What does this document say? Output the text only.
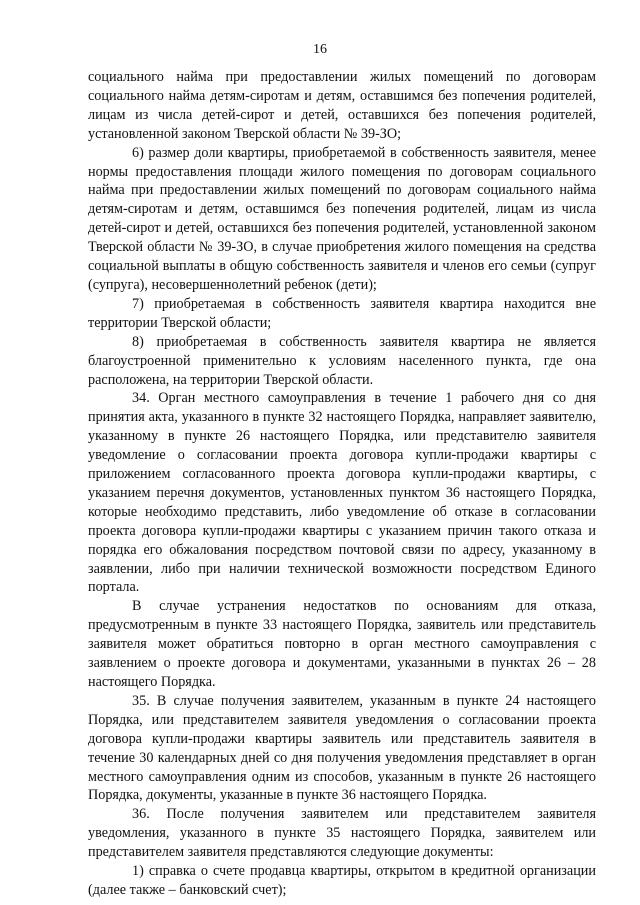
16

социального найма при предоставлении жилых помещений по договорам социального найма детям-сиротам и детям, оставшимся без попечения родителей, лицам из числа детей-сирот и детей, оставшихся без попечения родителей, установленной законом Тверской области № 39-ЗО;

6) размер доли квартиры, приобретаемой в собственность заявителя, менее нормы предоставления площади жилого помещения по договорам социального найма при предоставлении жилых помещений по договорам социального найма детям-сиротам и детям, оставшимся без попечения родителей, лицам из числа детей-сирот и детей, оставшихся без попечения родителей, установленной законом Тверской области № 39-ЗО, в случае приобретения жилого помещения на средства социальной выплаты в общую собственность заявителя и членов его семьи (супруг (супруга), несовершеннолетний ребенок (дети);

7) приобретаемая в собственность заявителя квартира находится вне территории Тверской области;

8) приобретаемая в собственность заявителя квартира не является благоустроенной применительно к условиям населенного пункта, где она расположена, на территории Тверской области.

34. Орган местного самоуправления в течение 1 рабочего дня со дня принятия акта, указанного в пункте 32 настоящего Порядка, направляет заявителю, указанному в пункте 26 настоящего Порядка, или представителю заявителя уведомление о согласовании проекта договора купли-продажи квартиры с приложением согласованного проекта договора купли-продажи квартиры, с указанием перечня документов, установленных пунктом 36 настоящего Порядка, которые необходимо представить, либо уведомление об отказе в согласовании проекта договора купли-продажи квартиры с указанием причин такого отказа и порядка его обжалования посредством почтовой связи по адресу, указанному в заявлении, либо при наличии технической возможности посредством Единого портала.

В случае устранения недостатков по основаниям для отказа, предусмотренным в пункте 33 настоящего Порядка, заявитель или представитель заявителя может обратиться повторно в орган местного самоуправления с заявлением о проекте договора и документами, указанными в пунктах 26 – 28 настоящего Порядка.

35. В случае получения заявителем, указанным в пункте 24 настоящего Порядка, или представителем заявителя уведомления о согласовании проекта договора купли-продажи квартиры заявитель или представитель заявителя в течение 30 календарных дней со дня получения уведомления представляет в орган местного самоуправления одним из способов, указанным в пункте 26 настоящего Порядка, документы, указанные в пункте 36 настоящего Порядка.

36. После получения заявителем или представителем заявителя уведомления, указанного в пункте 35 настоящего Порядка, заявителем или представителем заявителя представляются следующие документы:

1) справка о счете продавца квартиры, открытом в кредитной организации (далее также – банковский счет);
